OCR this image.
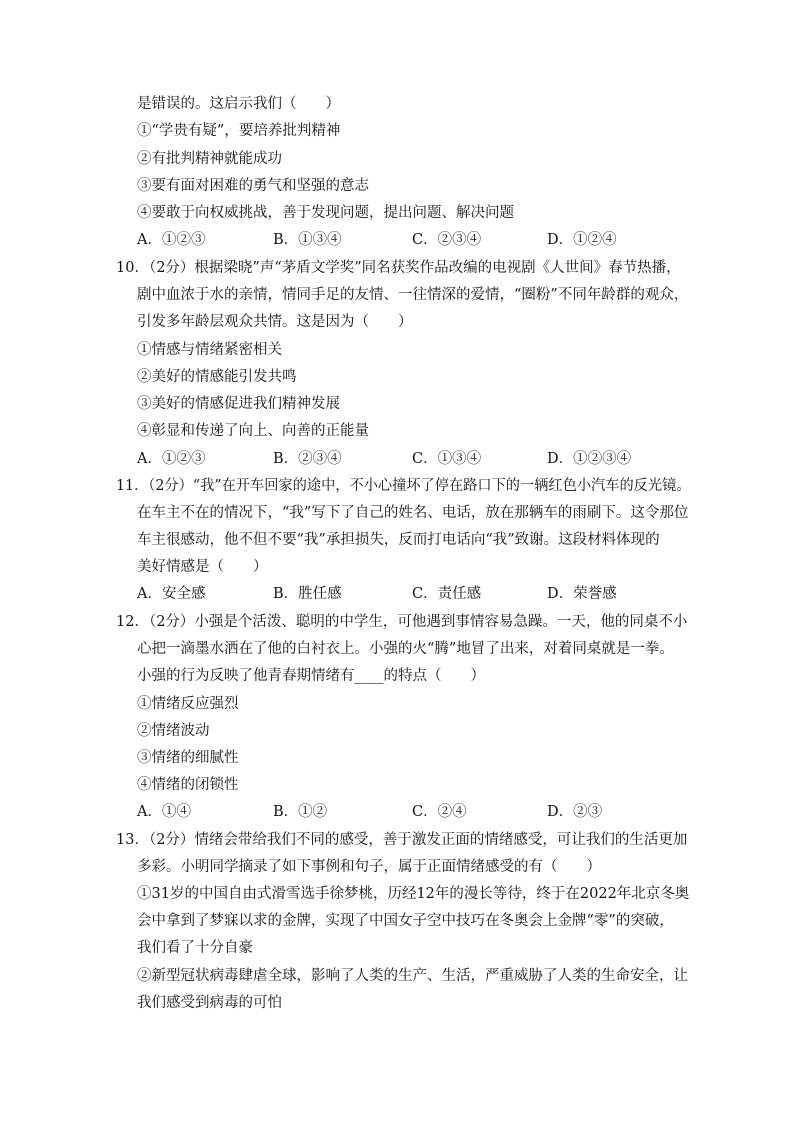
是错误的。这启示我们（　　）
①“学贵有疑”，要培养批判精神
②有批判精神就能成功
③要有面对困难的勇气和坚强的意志
④要敢于向权威挑战，善于发现问题，提出问题、解决问题
A．①②③	B．①③④	C．②③④	D．①②④
10．（2分）根据梁晓”声“茅盾文学奖”同名获奖作品改编的电视剧《人世间》春节热播，
剧中血浓于水的亲情，情同手足的友情、一往情深的爱情，“圈粉”不同年龄群的观众，
引发多年龄层观众共情。这是因为（　　）
①情感与情绪紧密相关
②美好的情感能引发共鸣
③美好的情感促进我们精神发展
④彰显和传递了向上、向善的正能量
A．①②③	B．②③④	C．①③④	D．①②③④
11．（2分）“我”在开车回家的途中，不小心撞坏了停在路口下的一辆红色小汽车的反光镜。
在车主不在的情况下，“我”写下了自己的姓名、电话，放在那辆车的雨刷下。这令那位
车主很感动，他不但不要“我”承担损失，反而打电话向“我”致谢。这段材料体现的
美好情感是（　　）
A．安全感	B．胜任感	C．责任感	D．荣誉感
12．（2分）小强是个活泼、聪明的中学生，可他遇到事情容易急躁。一天，他的同桌不小
心把一滴墨水洒在了他的白衬衣上。小强的火“腾”地冒了出来，对着同桌就是一拳。
小强的行为反映了他青春期情绪有____的特点（　　）
①情绪反应强烈
②情绪波动
③情绪的细腻性
④情绪的闭锁性
A．①④	B．①②	C．②④	D．②③
13．（2分）情绪会带给我们不同的感受，善于激发正面的情绪感受，可让我们的生活更加
多彩。小明同学摘录了如下事例和句子，属于正面情绪感受的有（　　）
①31岁的中国自由式滑雪选手徐梦桃，历经12年的漫长等待，终于在2022年北京冬奥
会中拿到了梦寐以求的金牌，实现了中国女子空中技巧在冬奥会上金牌“零”的突破，
我们看了十分自豪
②新型冠状病毒肆虐全球，影响了人类的生产、生活，严重威胁了人类的生命安全，让
我们感受到病毒的可怕
